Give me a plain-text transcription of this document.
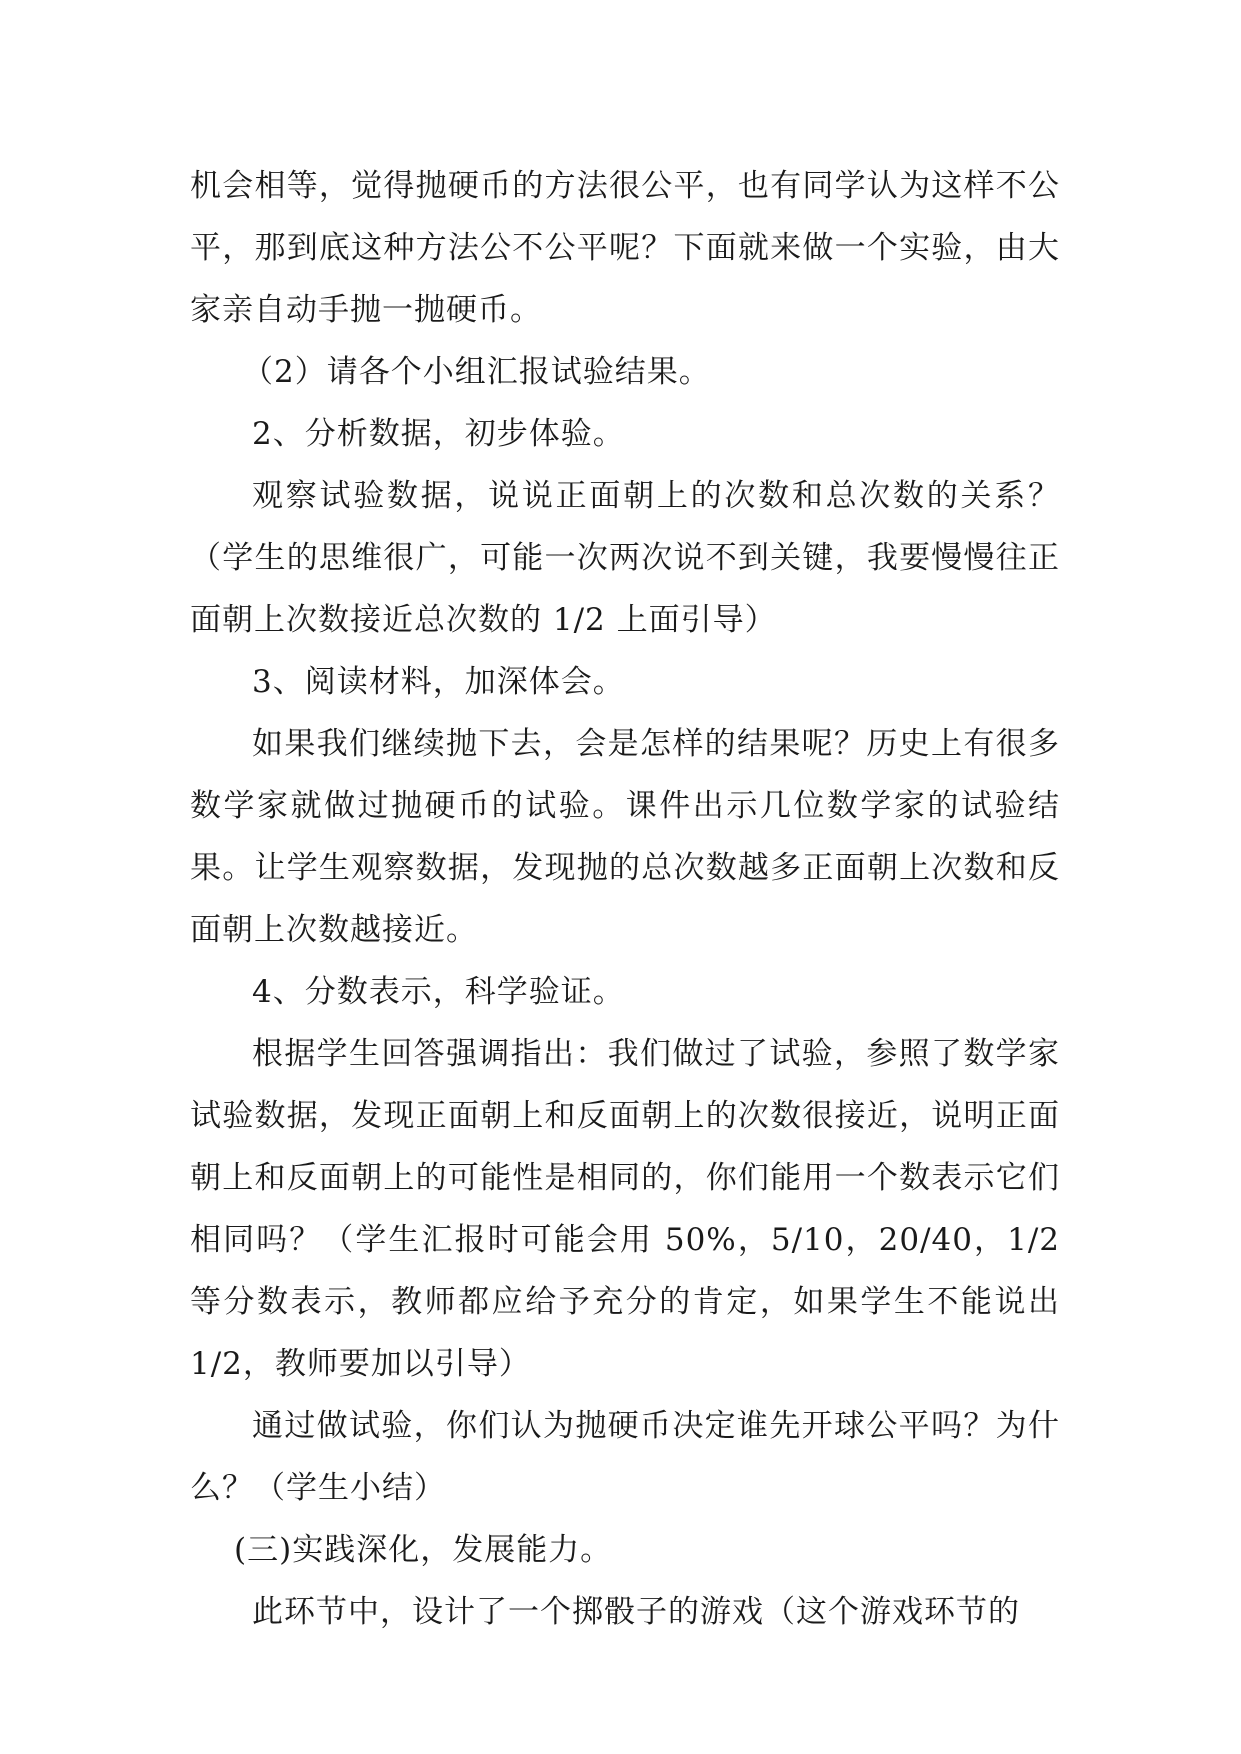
机会相等，觉得抛硬币的方法很公平，也有同学认为这样不公平，那到底这种方法公不公平呢？下面就来做一个实验，由大家亲自动手抛一抛硬币。

（2）请各个小组汇报试验结果。

2、分析数据，初步体验。

观察试验数据，说说正面朝上的次数和总次数的关系？（学生的思维很广，可能一次两次说不到关键，我要慢慢往正面朝上次数接近总次数的 1/2 上面引导）

3、阅读材料，加深体会。

如果我们继续抛下去，会是怎样的结果呢？历史上有很多数学家就做过抛硬币的试验。课件出示几位数学家的试验结果。让学生观察数据，发现抛的总次数越多正面朝上次数和反面朝上次数越接近。

4、分数表示，科学验证。

根据学生回答强调指出：我们做过了试验，参照了数学家试验数据，发现正面朝上和反面朝上的次数很接近，说明正面朝上和反面朝上的可能性是相同的，你们能用一个数表示它们相同吗？（学生汇报时可能会用 50%，5/10，20/40，1/2 等分数表示，教师都应给予充分的肯定，如果学生不能说出 1/2，教师要加以引导）

通过做试验，你们认为抛硬币决定谁先开球公平吗？为什么？（学生小结）

(三)实践深化，发展能力。

此环节中，设计了一个掷骰子的游戏（这个游戏环节的
